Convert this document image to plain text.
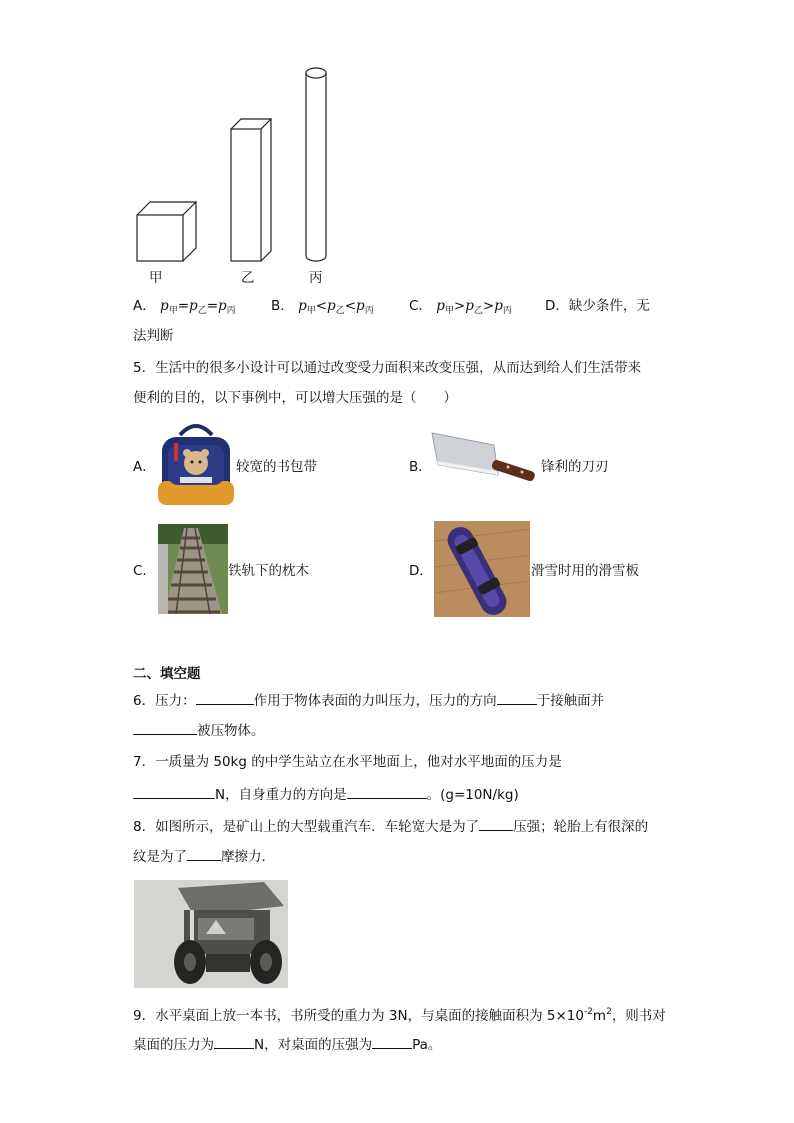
甲	乙	丙
A． $p_甲=p_乙=p_丙$	B． $p_甲<p_乙<p_丙$	C． $p_甲>p_乙>p_丙$ D．缺少条件，无
法判断
5．生活中的很多小设计可以通过改变受力面积来改变压强，从而达到给人们生活带来
便利的目的，以下事例中，可以增大压强的是（　　）
A．	较宽的书包带	B．	锋利的刀刃
C．	铁轨下的枕木	D．	滑雪时用的滑雪板
二、填空题
6．压力：	作用于物体表面的力叫压力，压力的方向	于接触面并
被压物体。
7．一质量为 50kg 的中学生站立在水平地面上，他对水平地面的压力是
N，自身重力的方向是	。(g=10N/kg)
8．如图所示，是矿山上的大型载重汽车．车轮宽大是为了	压强；轮胎上有很深的
纹是为了	摩擦力．
9．水平桌面上放一本书，书所受的重力为 3N，与桌面的接触面积为 $5\times 10^{-2}m^2$，则书对
桌面的压力为	N，对桌面的压强为	Pa。
